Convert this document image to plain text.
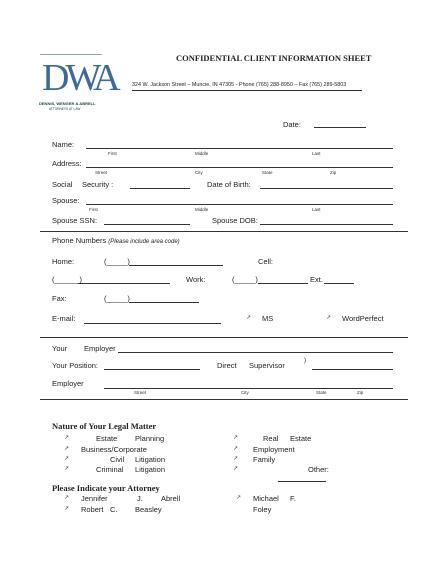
DWA
DENNIS, WENGER & ABRELL
ATTORNEYS AT LAW
CONFIDENTIAL CLIENT INFORMATION SHEET
324 W. Jackson Street – Muncie, IN 47305 - Phone (765) 288-8950 – Fax (765) 289-5803
Date:
Name:
First	Middle	Last
Address:
Street	City	State	Zip
Social Security :	Date of Birth:
Spouse:
First	Middle	Last
Spouse SSN:	Spouse DOB:
Phone Numbers (Please include area code)
Home:	(_____)	Cell:
(______)	Work:	(_____)	Ext.
Fax:	(_____)
E-mail:	↗ MS	↗ WordPerfect
Your Employer
Your Position:	Direct Supervisor	)
Employer
Street	City	State	Zip
Nature of Your Legal Matter
↗	Estate Planning
↗ Business/Corporate
↗	Civil Litigation
↗	Criminal Litigation
↗	Real Estate
↗ Employment
↗ Family
↗	Other:
Please Indicate your Attorney
↗ Jennifer	J. Abrell
↗ Robert C. Beasley
↗ Michael F.
Foley
